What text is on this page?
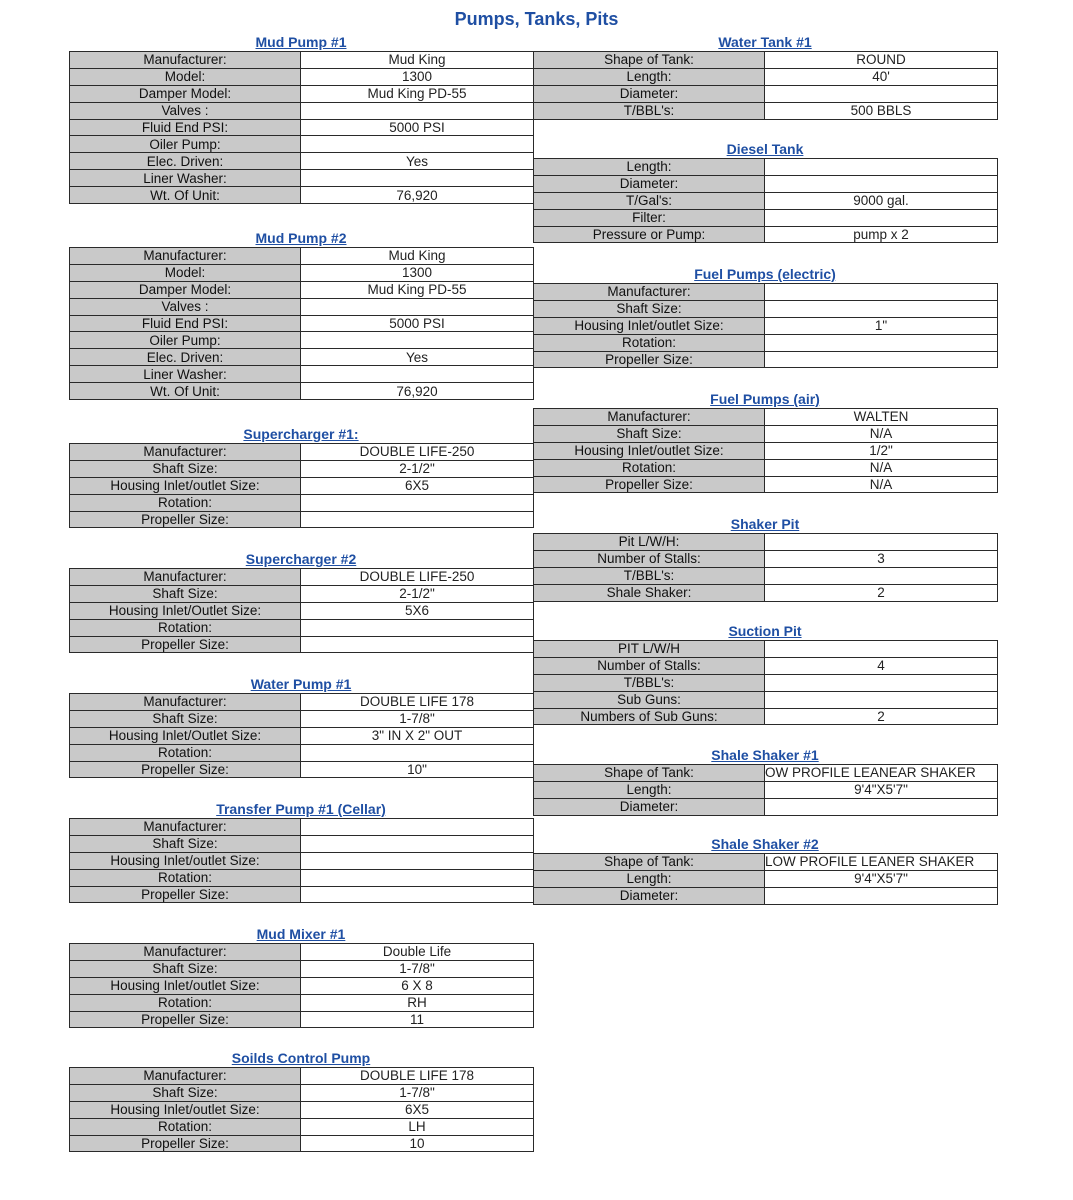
Pumps, Tanks, Pits
Mud Pump #1
Manufacturer:	Mud King
Model:	1300
Damper Model:	Mud King PD-55
Valves :	
Fluid End PSI:	5000 PSI
Oiler Pump:	
Elec. Driven:	Yes
Liner Washer:	
Wt. Of Unit:	76,920
Mud Pump #2
Manufacturer:	Mud King
Model:	1300
Damper Model:	Mud King PD-55
Valves :	
Fluid End PSI:	5000 PSI
Oiler Pump:	
Elec. Driven:	Yes
Liner Washer:	
Wt. Of Unit:	76,920
Supercharger #1:
Manufacturer:	DOUBLE LIFE-250
Shaft Size:	2-1/2"
Housing Inlet/outlet Size:	6X5
Rotation:	
Propeller Size:	
Supercharger #2
Manufacturer:	DOUBLE LIFE-250
Shaft Size:	2-1/2"
Housing Inlet/Outlet Size:	5X6
Rotation:	
Propeller Size:	
Water Pump #1
Manufacturer:	DOUBLE LIFE 178
Shaft Size:	1-7/8"
Housing Inlet/Outlet Size:	3" IN X 2" OUT
Rotation:	
Propeller Size:	10"
Transfer Pump #1 (Cellar)
Manufacturer:	
Shaft Size:	
Housing Inlet/outlet Size:	
Rotation:	
Propeller Size:	
Mud Mixer #1
Manufacturer:	Double Life
Shaft Size:	1-7/8"
Housing Inlet/outlet Size:	6 X 8
Rotation:	RH
Propeller Size:	11
Soilds Control Pump
Manufacturer:	DOUBLE LIFE 178
Shaft Size:	1-7/8"
Housing Inlet/outlet Size:	6X5
Rotation:	LH
Propeller Size:	10
Water Tank #1
Shape of Tank:	ROUND
Length:	40'
Diameter:	
T/BBL's:	500 BBLS
Diesel Tank
Length:	
Diameter:	
T/Gal's:	9000 gal.
Filter:	
Pressure or Pump:	pump x 2
Fuel Pumps (electric)
Manufacturer:	
Shaft Size:	
Housing Inlet/outlet Size:	1"
Rotation:	
Propeller Size:	
Fuel Pumps (air)
Manufacturer:	WALTEN
Shaft Size:	N/A
Housing Inlet/outlet Size:	1/2"
Rotation:	N/A
Propeller Size:	N/A
Shaker Pit
Pit L/W/H:	
Number of Stalls:	3
T/BBL's:	
Shale Shaker:	2
Suction Pit
PIT L/W/H	
Number of Stalls:	4
T/BBL's:	
Sub Guns:	
Numbers of Sub Guns:	2
Shale Shaker #1
Shape of Tank:	OW PROFILE LEANEAR SHAKER
Length:	9'4"X5'7"
Diameter:	
Shale Shaker #2
Shape of Tank:	LOW PROFILE LEANER SHAKER
Length:	9'4"X5'7"
Diameter:	
